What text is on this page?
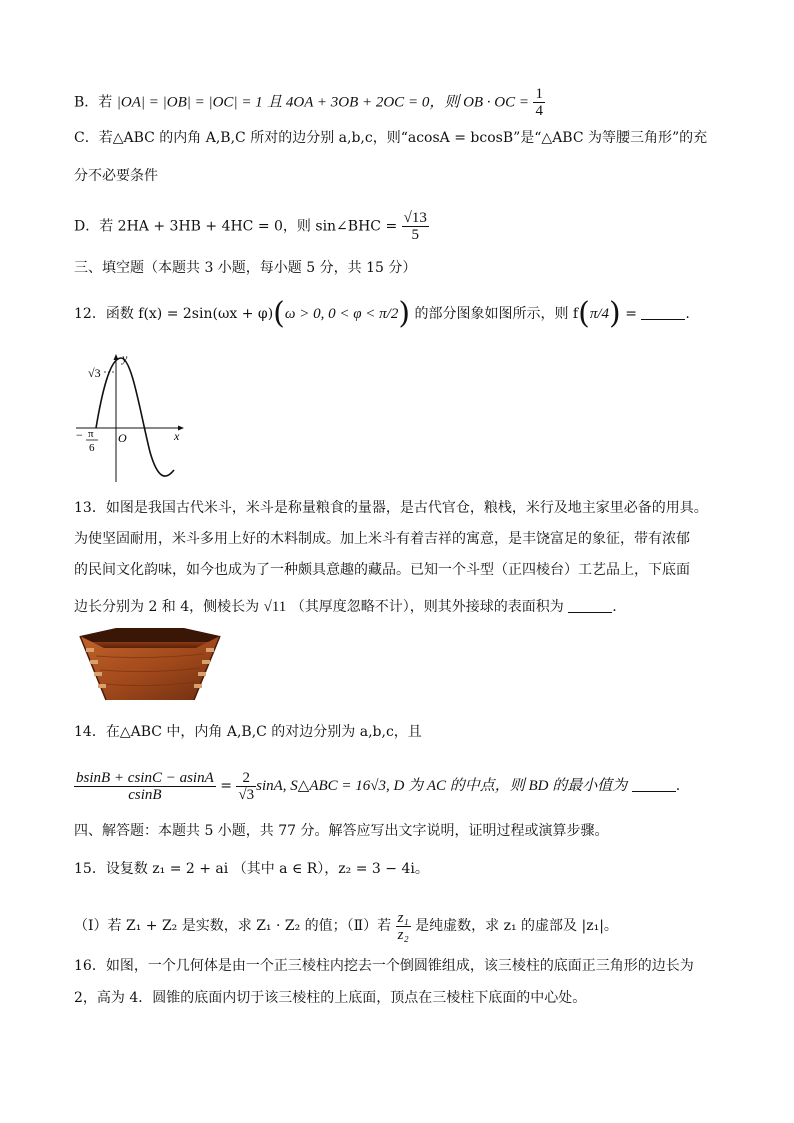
B．若 |OA| = |OB| = |OC| = 1 且 4OA + 3OB + 2OC = 0，则 OB · OC = $\frac{1}{4}$
C．若△ABC 的内角 A,B,C 所对的边分别 a,b,c，则“acosA = bcosB”是“△ABC 为等腰三角形”的充
分不必要条件
D．若 2HA + 3HB + 4HC = 0，则 sin∠BHC = $\frac{√13}{5}$
三、填空题（本题共 3 小题，每小题 5 分，共 15 分）
12．函数 f(x) = 2sin(ωx + φ)(ω > 0, 0 < φ < π/2) 的部分图象如图所示，则 f(π/4) =	.
y
x
O
√3
− π
6
13．如图是我国古代米斗，米斗是称量粮食的量器，是古代官仓，粮栈，米行及地主家里必备的用具。
为使坚固耐用，米斗多用上好的木料制成。加上米斗有着吉祥的寓意，是丰饶富足的象征，带有浓郁
的民间文化韵味，如今也成为了一种颇具意趣的藏品。已知一个斗型（正四棱台）工艺品上，下底面
边长分别为 2 和 4，侧棱长为 √11 （其厚度忽略不计），则其外接球的表面积为	.
14．在△ABC 中，内角 A,B,C 的对边分别为 a,b,c，且
$\frac{bsinB + csinC - asinA}{csinB} = \frac{2}{√3} \sin A$, S△ABC = 16√3, D 为 AC 的中点，则 BD 的最小值为	.
四、解答题：本题共 5 小题，共 77 分。解答应写出文字说明，证明过程或演算步骤。
15．设复数 z₁ = 2 + ai （其中 a ∈ R），z₂ = 3 − 4i。
（Ⅰ）若 Z₁ + Z₂ 是实数，求 Z₁ · Z₂ 的值；（Ⅱ）若 $\frac{\text{z₁}}{\text{z₂}}$ 是纯虚数，求 z₁ 的虚部及 |z₁|。
16．如图，一个几何体是由一个正三棱柱内挖去一个倒圆锥组成，该三棱柱的底面正三角形的边长为
2，高为 4．圆锥的底面内切于该三棱柱的上底面，顶点在三棱柱下底面的中心处。
